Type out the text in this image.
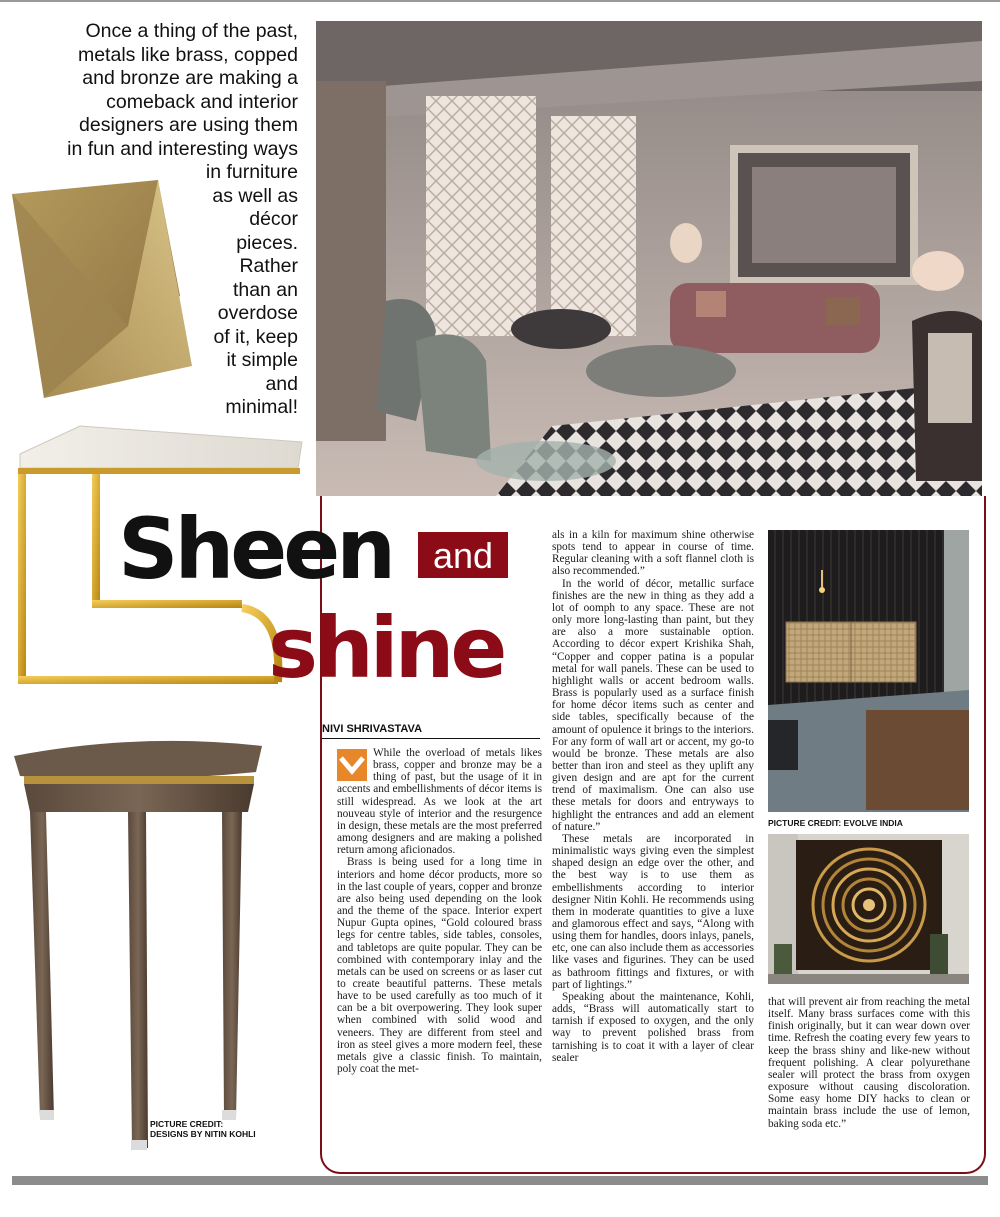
Once a thing of the past,
metals like brass, copped
and bronze are making a
comeback and interior
designers are using them
in fun and interesting ways
in furniture
as well as
décor
pieces.
Rather
than an
overdose
of it, keep
it simple
and
minimal!
PICTURE CREDIT:
DESIGNS BY NITIN KOHLI
Sheen	and
shine
NIVI SHRIVASTAVA

While the overload of metals likes brass, copper and bronze may be a thing of past, but the usage of it in accents and embellishments of décor items is still widespread. As we look at the art nouveau style of interior and the resurgence in design, these metals are the most preferred among designers and are making a polished return among aficionados.

Brass is being used for a long time in interiors and home décor products, more so in the last couple of years, copper and bronze are also being used depending on the look and the theme of the space. Interior expert Nupur Gupta opines, “Gold coloured brass legs for centre tables, side tables, consoles, and tabletops are quite popular. They can be combined with contemporary inlay and the metals can be used on screens or as laser cut to create beautiful patterns. These metals have to be used carefully as too much of it can be a bit overpowering. They look super when combined with solid wood and veneers. They are different from steel and iron as steel gives a more modern feel, these metals give a classic finish. To maintain, poly coat the met-

als in a kiln for maximum shine otherwise spots tend to appear in course of time. Regular cleaning with a soft flannel cloth is also recommended.”

In the world of décor, metallic surface finishes are the new in thing as they add a lot of oomph to any space. These are not only more long-lasting than paint, but they are also a more sustainable option. According to décor expert Krishika Shah, “Copper and copper patina is a popular metal for wall panels. These can be used to highlight walls or accent bedroom walls. Brass is popularly used as a surface finish for home décor items such as center and side tables, specifically because of the amount of opulence it brings to the interiors. For any form of wall art or accent, my go-to would be bronze. These metals are also better than iron and steel as they uplift any given design and are apt for the current trend of maximalism. One can also use these metals for doors and entryways to highlight the entrances and add an element of nature.”

These metals are incorporated in minimalistic ways giving even the simplest shaped design an edge over the other, and the best way is to use them as embellishments according to interior designer Nitin Kohli. He recommends using them in moderate quantities to give a luxe and glamorous effect and says, “Along with using them for handles, doors inlays, panels, etc, one can also include them as accessories like vases and figurines. They can be used as bathroom fittings and fixtures, or with part of lightings.”

Speaking about the maintenance, Kohli, adds, “Brass will automatically start to tarnish if exposed to oxygen, and the only way to prevent polished brass from tarnishing is to coat it with a layer of clear sealer

PICTURE CREDIT: EVOLVE INDIA

that will prevent air from reaching the metal itself. Many brass surfaces come with this finish originally, but it can wear down over time. Refresh the coating every few years to keep the brass shiny and like-new without frequent polishing. A clear polyurethane sealer will protect the brass from oxygen exposure without causing discoloration. Some easy home DIY hacks to clean or maintain brass include the use of lemon, baking soda etc.”
